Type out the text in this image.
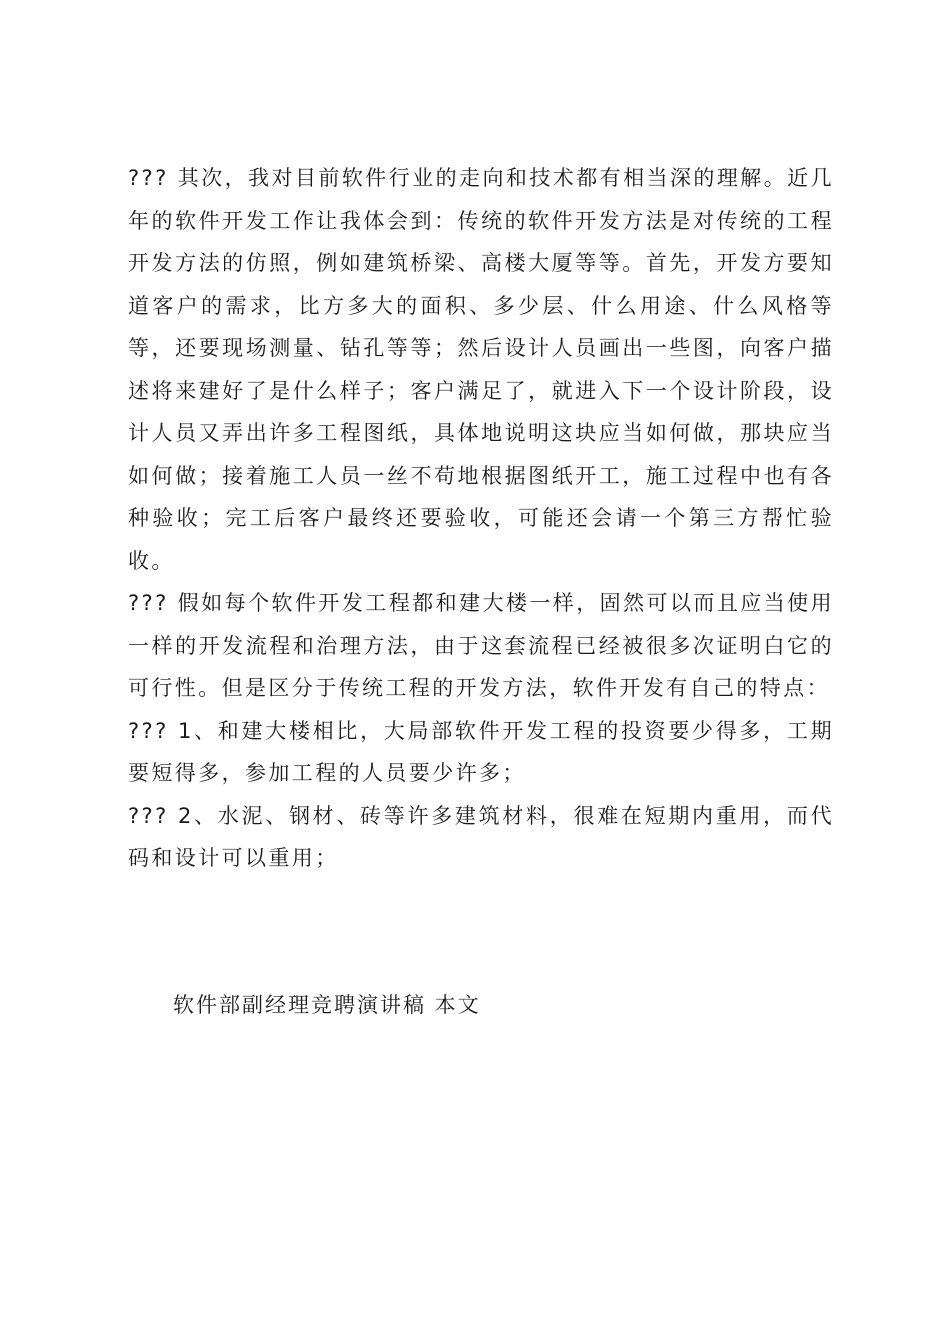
??? 其次，我对目前软件行业的走向和技术都有相当深的理解。近几年的软件开发工作让我体会到：传统的软件开发方法是对传统的工程开发方法的仿照，例如建筑桥梁、高楼大厦等等。首先，开发方要知道客户的需求，比方多大的面积、多少层、什么用途、什么风格等等，还要现场测量、钻孔等等；然后设计人员画出一些图，向客户描述将来建好了是什么样子；客户满足了，就进入下一个设计阶段，设计人员又弄出许多工程图纸，具体地说明这块应当如何做，那块应当如何做；接着施工人员一丝不苟地根据图纸开工，施工过程中也有各种验收；完工后客户最终还要验收，可能还会请一个第三方帮忙验收。

??? 假如每个软件开发工程都和建大楼一样，固然可以而且应当使用一样的开发流程和治理方法，由于这套流程已经被很多次证明白它的可行性。但是区分于传统工程的开发方法，软件开发有自己的特点：

??? 1、和建大楼相比，大局部软件开发工程的投资要少得多，工期要短得多，参加工程的人员要少许多；

??? 2、水泥、钢材、砖等许多建筑材料，很难在短期内重用，而代码和设计可以重用；

软件部副经理竞聘演讲稿 本文
